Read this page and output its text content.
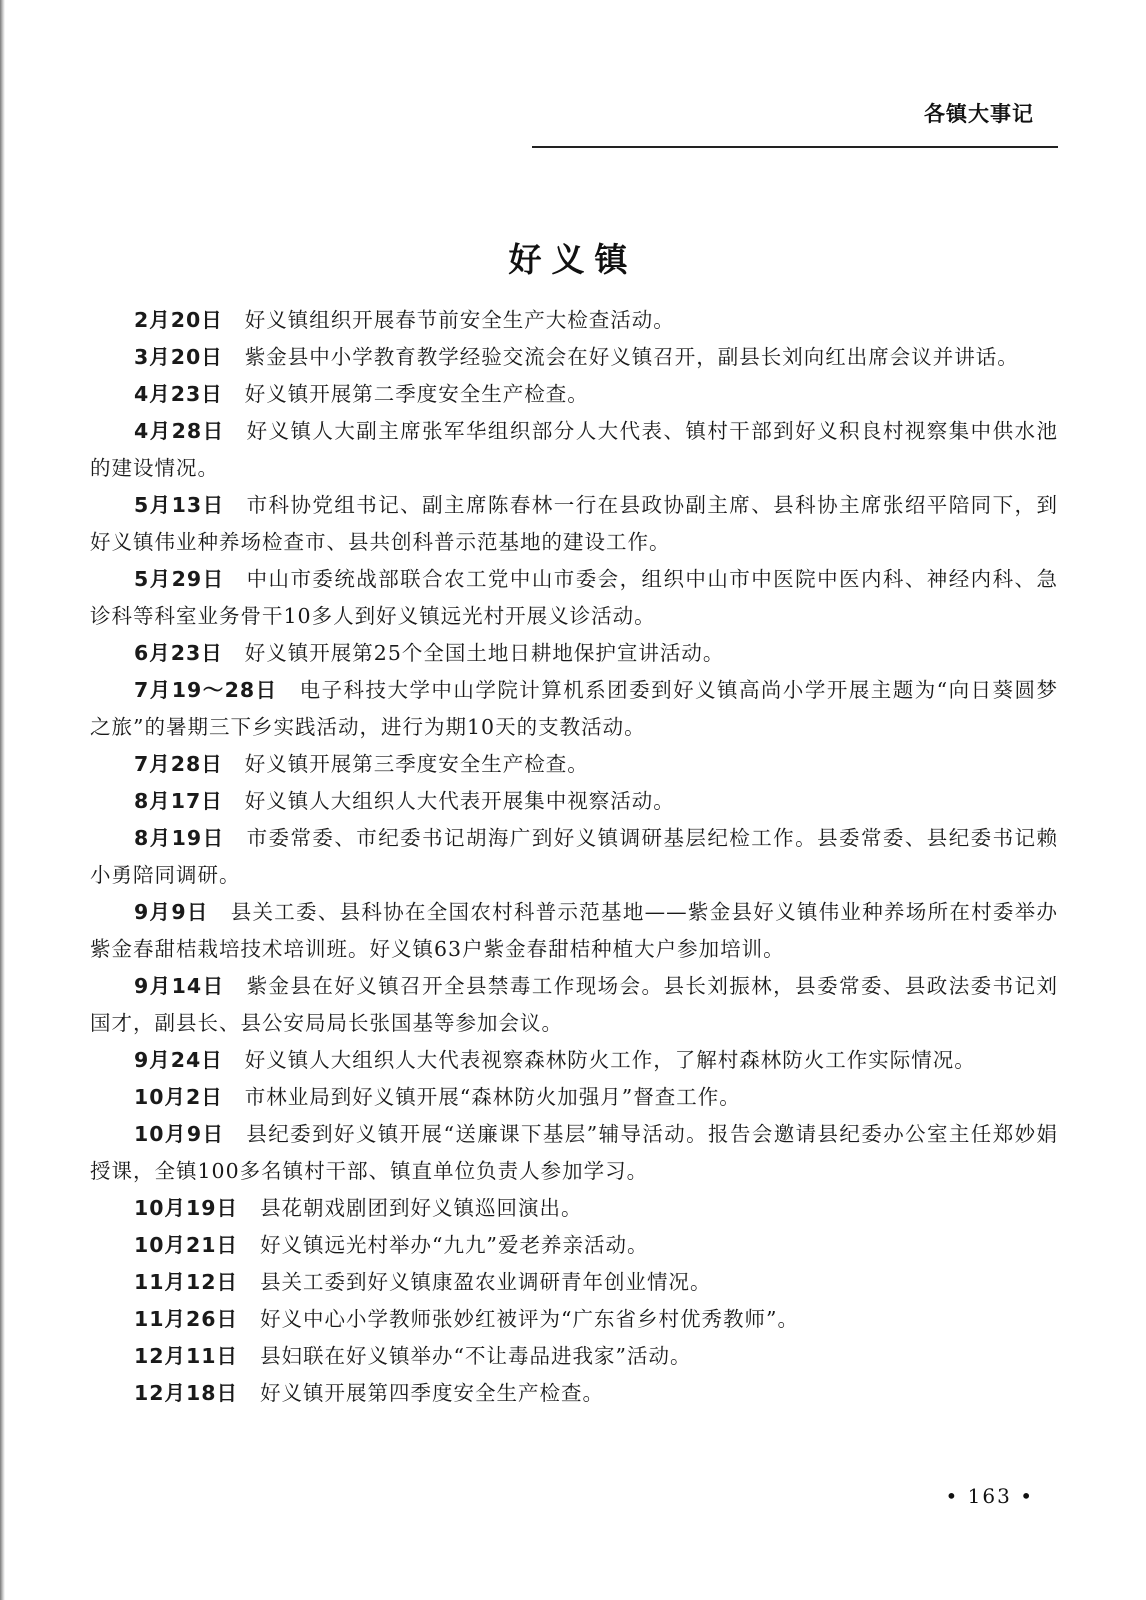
各镇大事记
好义镇

2月20日 好义镇组织开展春节前安全生产大检查活动。

3月20日 紫金县中小学教育教学经验交流会在好义镇召开，副县长刘向红出席会议并讲话。

4月23日 好义镇开展第二季度安全生产检查。

4月28日 好义镇人大副主席张军华组织部分人大代表、镇村干部到好义积良村视察集中供水池的建设情况。

5月13日 市科协党组书记、副主席陈春林一行在县政协副主席、县科协主席张绍平陪同下，到好义镇伟业种养场检查市、县共创科普示范基地的建设工作。

5月29日 中山市委统战部联合农工党中山市委会，组织中山市中医院中医内科、神经内科、急诊科等科室业务骨干10多人到好义镇远光村开展义诊活动。

6月23日 好义镇开展第25个全国土地日耕地保护宣讲活动。

7月19～28日 电子科技大学中山学院计算机系团委到好义镇高尚小学开展主题为“向日葵圆梦之旅”的暑期三下乡实践活动，进行为期10天的支教活动。

7月28日 好义镇开展第三季度安全生产检查。

8月17日 好义镇人大组织人大代表开展集中视察活动。

8月19日 市委常委、市纪委书记胡海广到好义镇调研基层纪检工作。县委常委、县纪委书记赖小勇陪同调研。

9月9日 县关工委、县科协在全国农村科普示范基地——紫金县好义镇伟业种养场所在村委举办紫金春甜桔栽培技术培训班。好义镇63户紫金春甜桔种植大户参加培训。

9月14日 紫金县在好义镇召开全县禁毒工作现场会。县长刘振林，县委常委、县政法委书记刘国才，副县长、县公安局局长张国基等参加会议。

9月24日 好义镇人大组织人大代表视察森林防火工作，了解村森林防火工作实际情况。

10月2日 市林业局到好义镇开展“森林防火加强月”督查工作。

10月9日 县纪委到好义镇开展“送廉课下基层”辅导活动。报告会邀请县纪委办公室主任郑妙娟授课，全镇100多名镇村干部、镇直单位负责人参加学习。

10月19日 县花朝戏剧团到好义镇巡回演出。

10月21日 好义镇远光村举办“九九”爱老养亲活动。

11月12日 县关工委到好义镇康盈农业调研青年创业情况。

11月26日 好义中心小学教师张妙红被评为“广东省乡村优秀教师”。

12月11日 县妇联在好义镇举办“不让毒品进我家”活动。

12月18日 好义镇开展第四季度安全生产检查。

• 163 •
